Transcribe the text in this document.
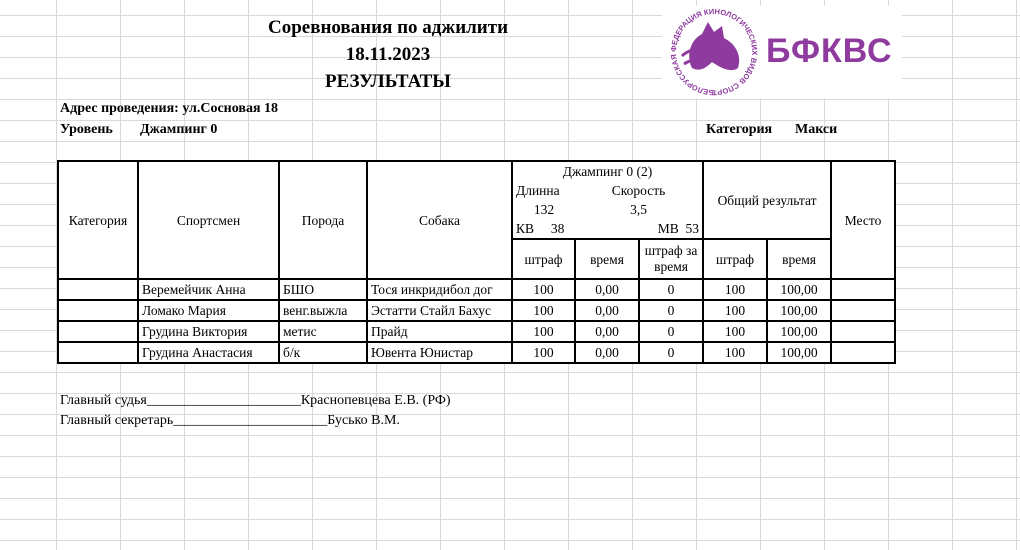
Соревнования по аджилити
18.11.2023
РЕЗУЛЬТАТЫ
БЕЛОРУССКАЯ ФЕДЕРАЦИЯ КИНОЛОГИЧЕСКИХ ВИДОВ СПОРТ
БФКВС
Адрес проведения: ул.Сосновая 18
Уровень Джампинг 0	Категория Макси
Категория	Спортсмен	Порода	Собака	Джампинг 0 (2)			Общий результат		Место
				Длинна	Скорость				
				132	3,5				
				КВ 38		МВ 53			
				штраф	время	штраф за время	штраф	время	

	Веремейчик Анна	БШО	Тося инкридибол дог	100	0,00	0	100	100,00	
	Ломако Мария	венг.выжла	Эстатти Стайл Бахус	100	0,00	0	100	100,00	
	Грудина Виктория	метис	Прайд	100	0,00	0	100	100,00	
	Грудина Анастасия	б/к	Ювента Юнистар	100	0,00	0	100	100,00	
Главный судья______________________Краснопевцева Е.В. (РФ)
Главный секретарь______________________Бусько В.М.
